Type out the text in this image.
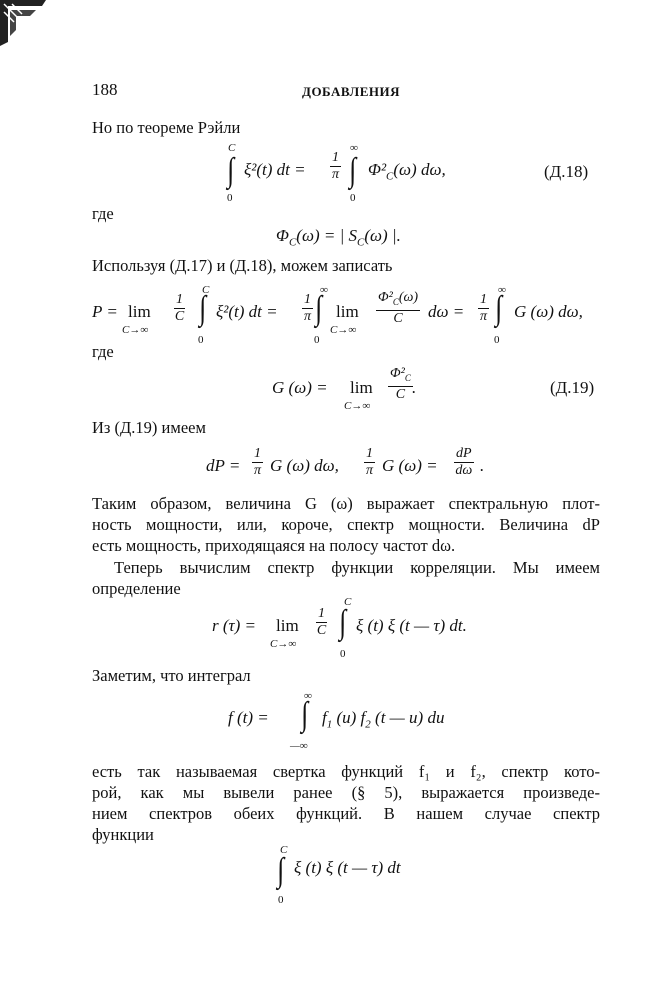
188	ДОБАВЛЕНИЯ
Но по теореме Рэйли
C
0
∫ ξ²(t) dt = $\frac{1}{\pi}$
∞
0
∫ $\Phi^2_C(\omega)$ dω,	(Д.18)
где
$\Phi_C(\omega)$ = | $S_C(\omega)$ |.
Используя (Д.17) и (Д.18), можем записать
P = lim
C→∞
$\frac{1}{C}$
C
∫
0
ξ²(t) dt = $\frac{1}{\pi}$
∞
∫
0
lim
C→∞
$\frac{\Phi^2_C(\omega)}{C}$ $d\omega = \frac{1}{\pi}$
∞
∫
0
G (ω) dω,
где
G (ω) = lim
C→∞
$\frac{\Phi^2_C}{C}$ .	(Д.19)
Из (Д.19) имеем
dP = $\frac{1}{\pi}$ G (ω) dω, $\frac{1}{\pi}$ G $(\omega) = \frac{dP}{d\omega}$ .
Таким образом, величина G (ω) выражает спектральную плот-
ность мощности, или, короче, спектр мощности. Величина dP
есть мощность, приходящаяся на полосу частот dω.
Теперь вычислим спектр функции корреляции. Мы имеем
определение
r (τ) = lim
C→∞
$\frac{1}{C}$
C
∫
0
ξ (t) ξ (t — τ) dt.
Заметим, что интеграл
f (t) =
∞
∫
—∞
$f_1$ (u) $f_2$ (t — u) du
есть так называемая свертка функций f₁ и f₂, спектр кото-
рой, как мы вывели ранее (§ 5), выражается произведе-
нием спектров обеих функций. В нашем случае спектр
функции
C
∫
0
ξ (t) ξ (t — τ) dt
